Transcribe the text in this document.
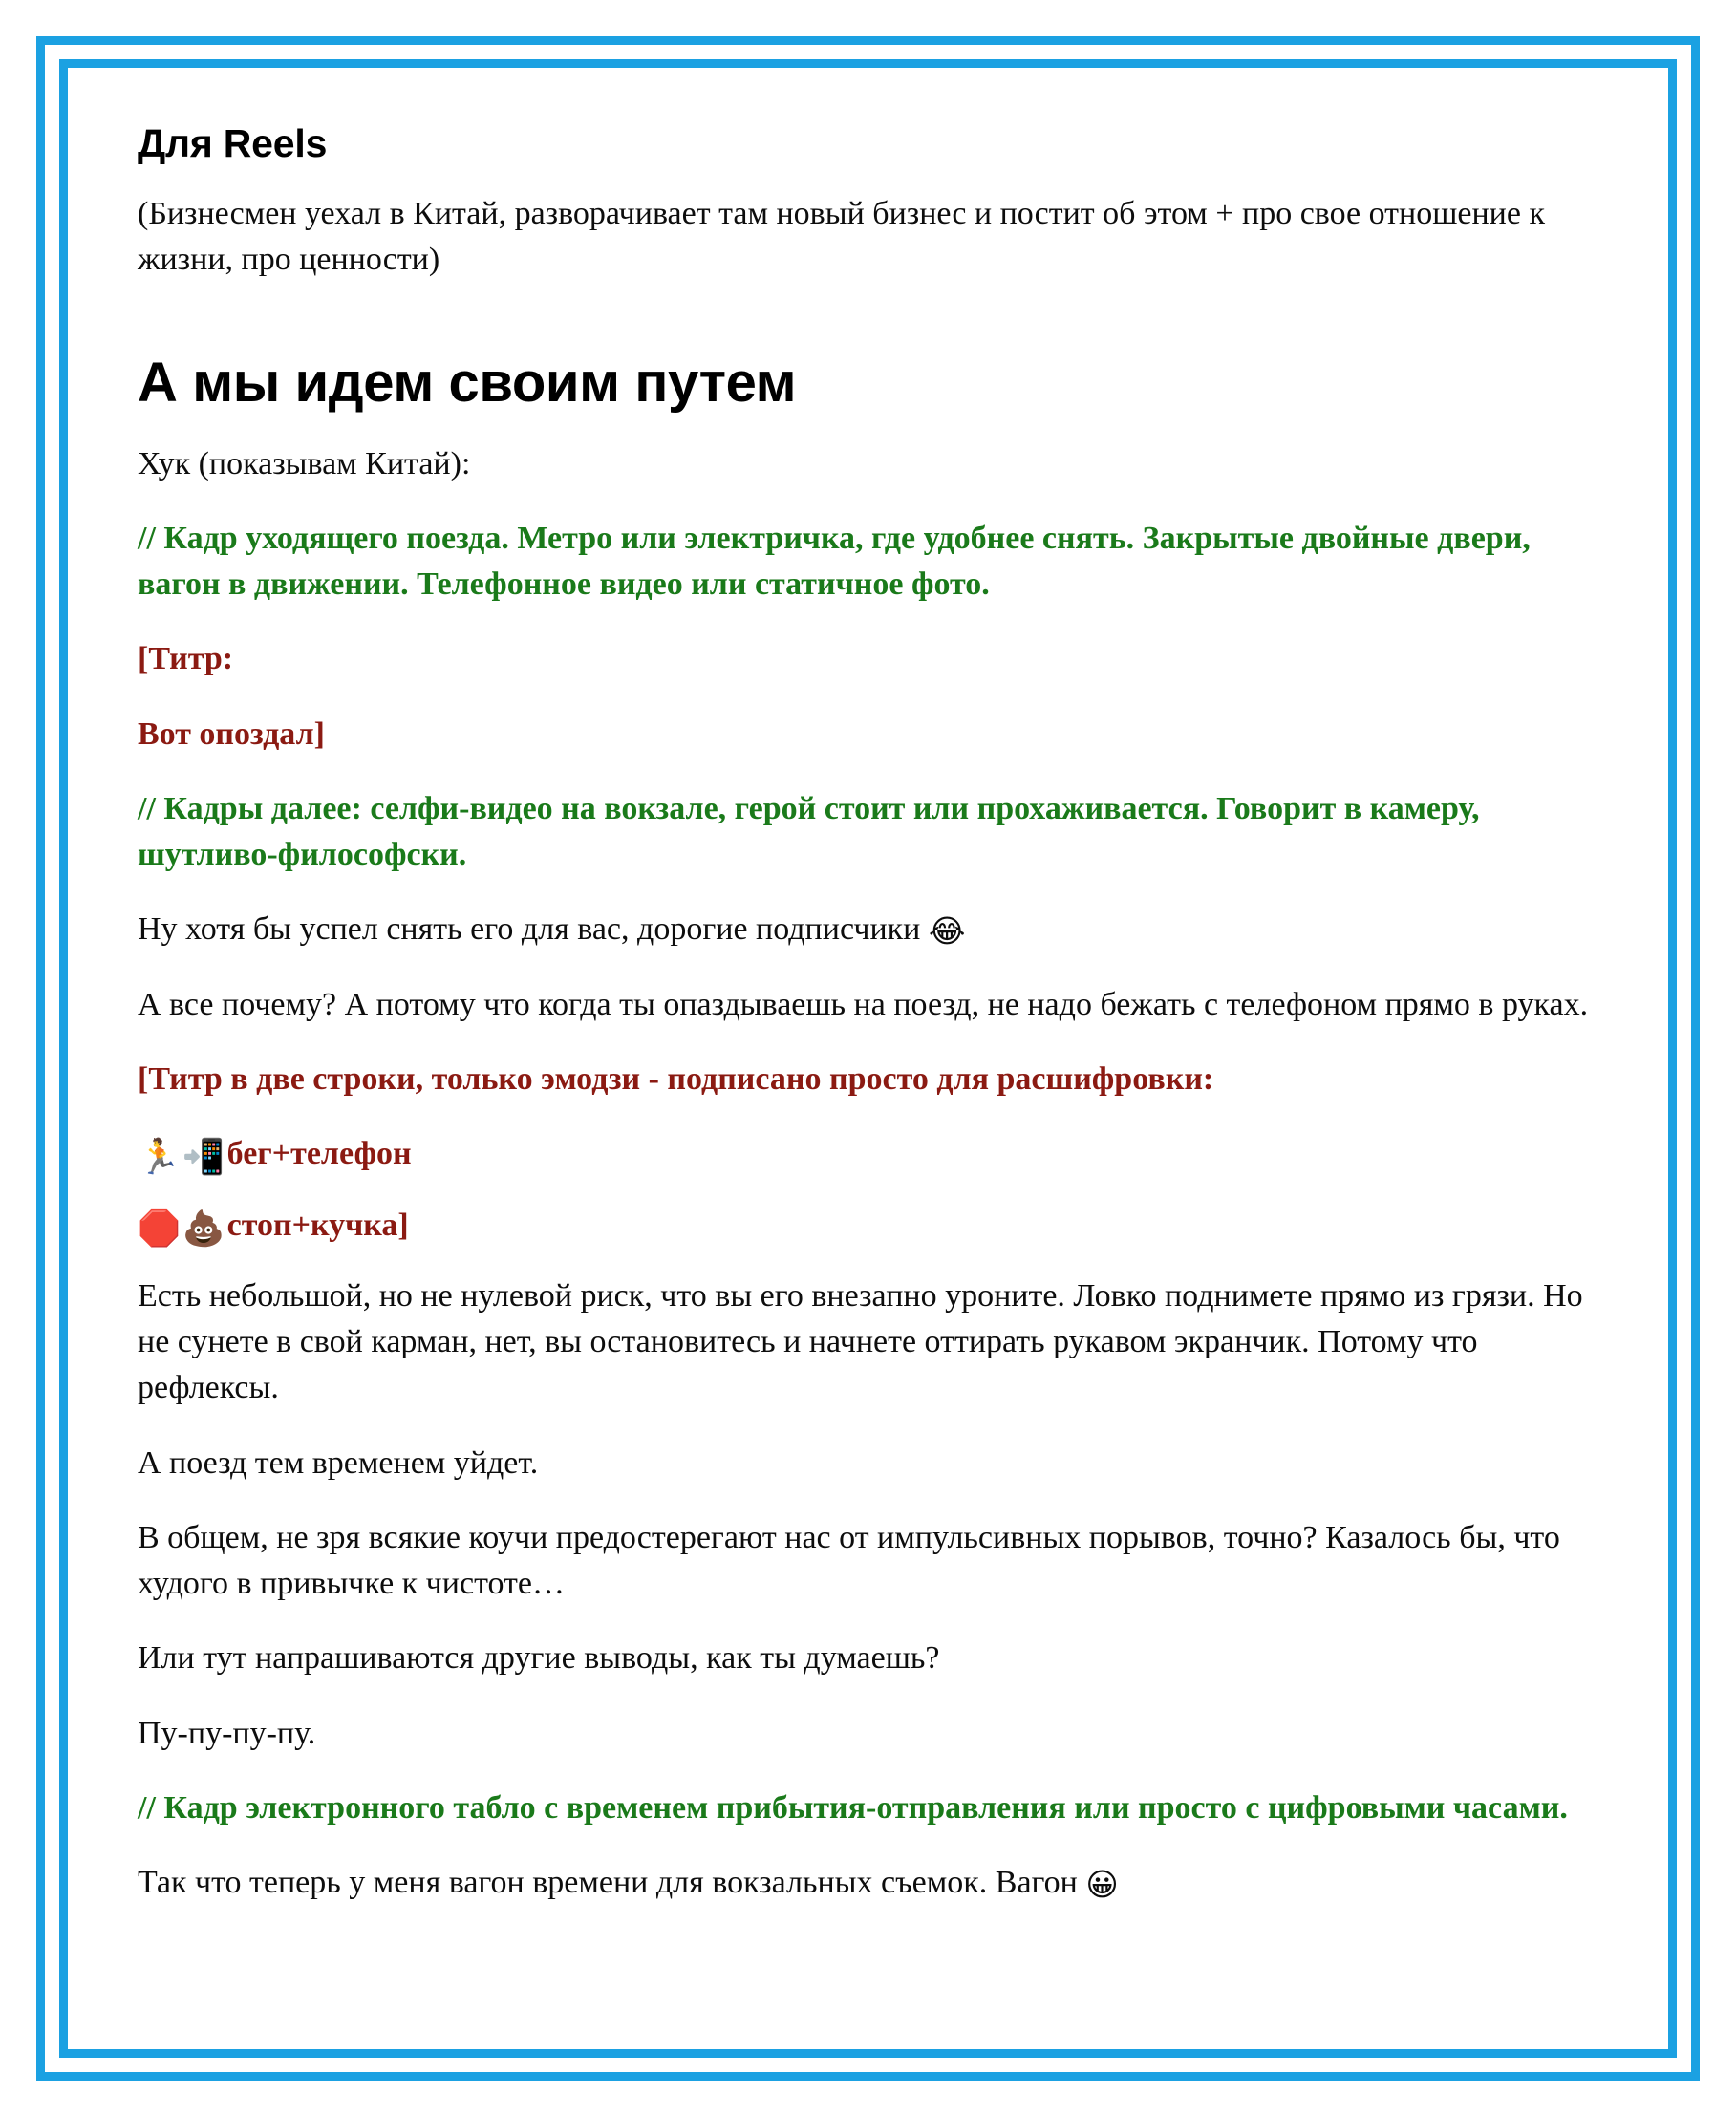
Для Reels

(Бизнесмен уехал в Китай, разворачивает там новый бизнес и постит об этом + про свое отношение к жизни, про ценности)

А мы идем своим путем

Хук (показывам Китай):

// Кадр уходящего поезда. Метро или электричка, где удобнее снять. Закрытые двойные двери, вагон в движении. Телефонное видео или статичное фото.

[Титр:

Вот опоздал]

// Кадры далее: селфи-видео на вокзале, герой стоит или прохаживается. Говорит в камеру, шутливо-философски.

Ну хотя бы успел снять его для вас, дорогие подписчики 😂

А все почему? А потому что когда ты опаздываешь на поезд, не надо бежать с телефоном прямо в руках.

[Титр в две строки, только эмодзи - подписано просто для расшифровки:

🏃📲бег+телефон

🛑💩стоп+кучка]

Есть небольшой, но не нулевой риск, что вы его внезапно уроните. Ловко поднимете прямо из грязи. Но не сунете в свой карман, нет, вы остановитесь и начнете оттирать рукавом экранчик. Потому что рефлексы.

А поезд тем временем уйдет.

В общем, не зря всякие коучи предостерегают нас от импульсивных порывов, точно? Казалось бы, что худого в привычке к чистоте…

Или тут напрашиваются другие выводы, как ты думаешь?

Пу-пу-пу-пу.

// Кадр электронного табло с временем прибытия-отправления или просто с цифровыми часами.

Так что теперь у меня вагон времени для вокзальных съемок. Вагон 😀
